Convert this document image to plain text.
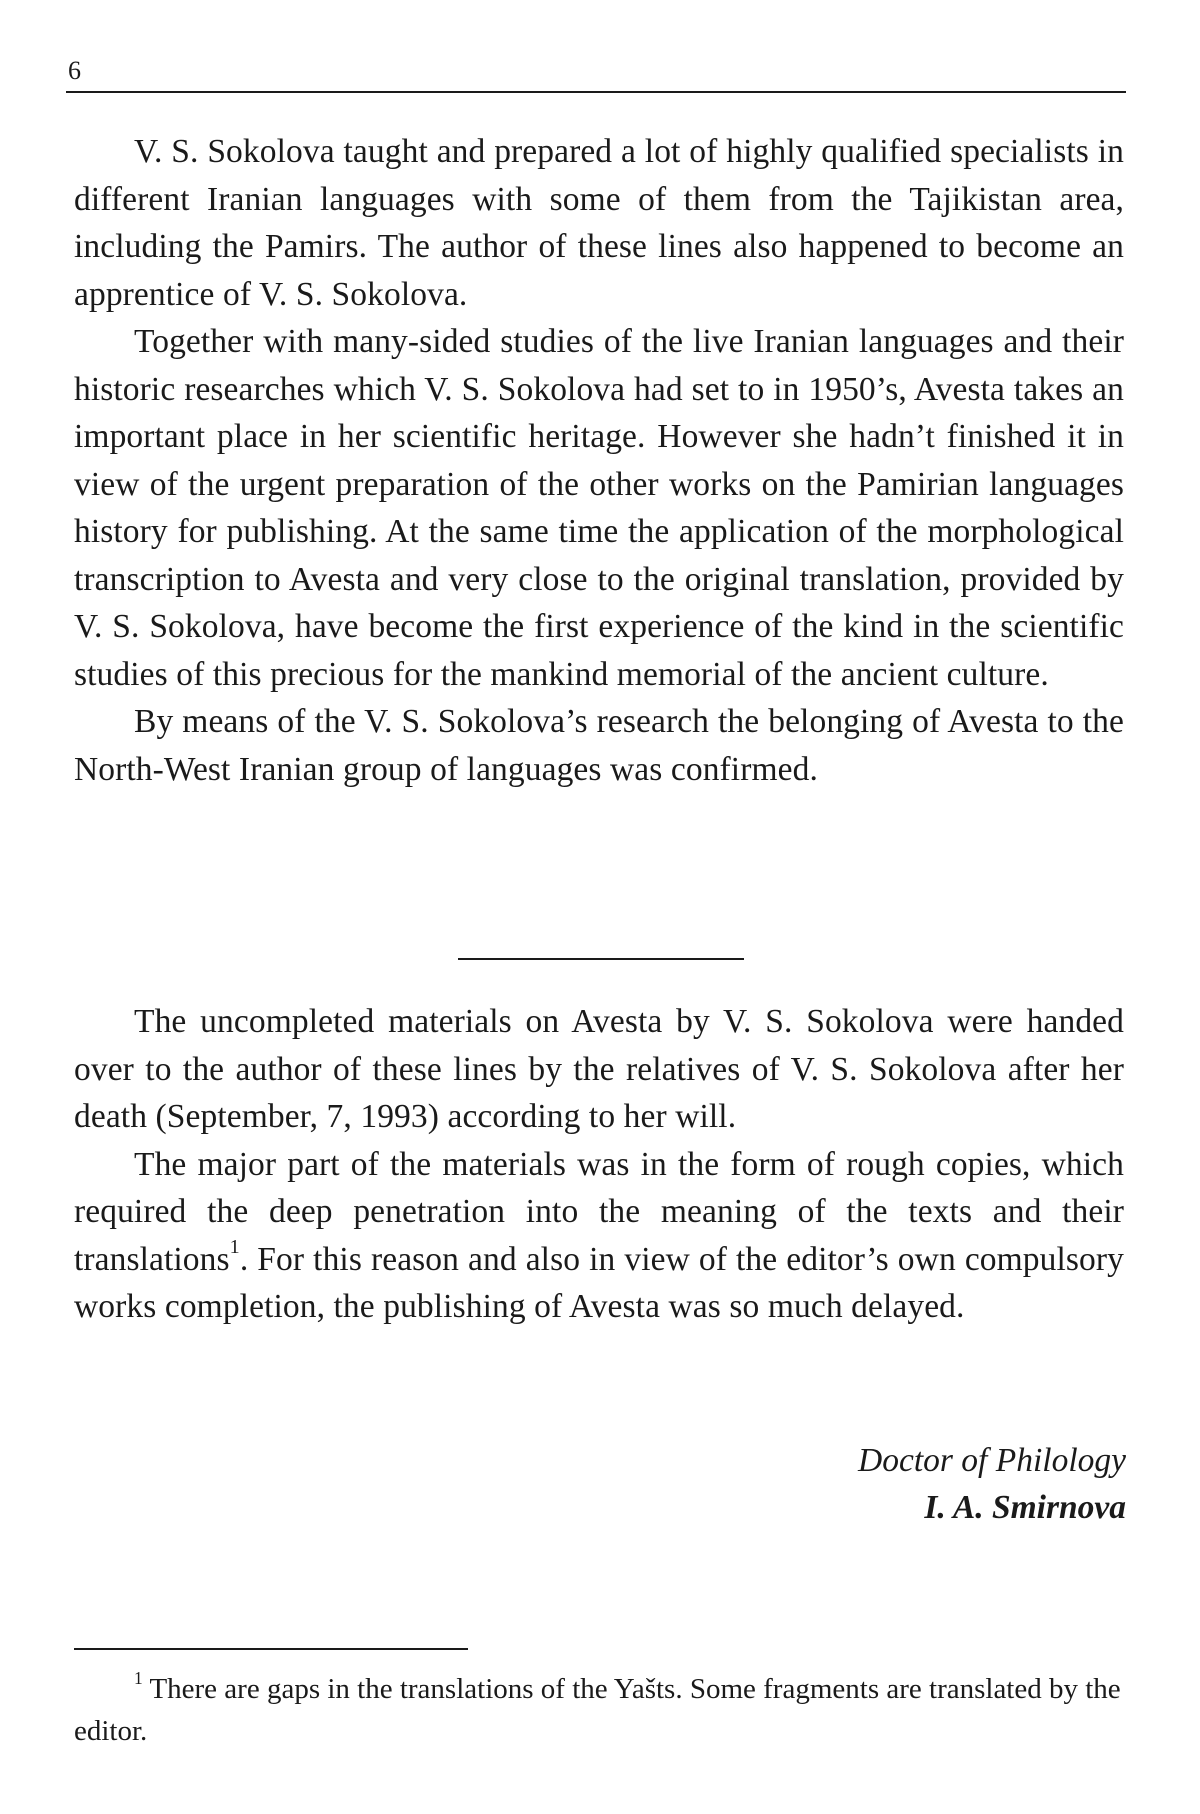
6

V. S. Sokolova taught and prepared a lot of highly qualified specialists in different Iranian languages with some of them from the Tajikistan area, including the Pamirs. The author of these lines also happened to become an apprentice of V. S. Sokolova.

Together with many-sided studies of the live Iranian languages and their historic researches which V. S. Sokolova had set to in 1950’s, Avesta takes an important place in her scientific heritage. However she hadn’t finished it in view of the urgent preparation of the other works on the Pamirian languages history for publishing. At the same time the application of the morphological transcription to Avesta and very close to the original translation, provided by V. S. Sokolova, have become the first experience of the kind in the scientific studies of this precious for the mankind memorial of the ancient culture.

By means of the V. S. Sokolova’s research the belonging of Avesta to the North-West Iranian group of languages was confirmed.

The uncompleted materials on Avesta by V. S. Sokolova were handed over to the author of these lines by the relatives of V. S. Sokolova after her death (September, 7, 1993) according to her will.

The major part of the materials was in the form of rough copies, which required the deep penetration into the meaning of the texts and their translations$^1$. For this reason and also in view of the editor’s own compulsory works completion, the publishing of Avesta was so much delayed.

Doctor of Philology
I. A. Smirnova

$^1$ There are gaps in the translations of the Yašts. Some fragments are translated by the editor.
